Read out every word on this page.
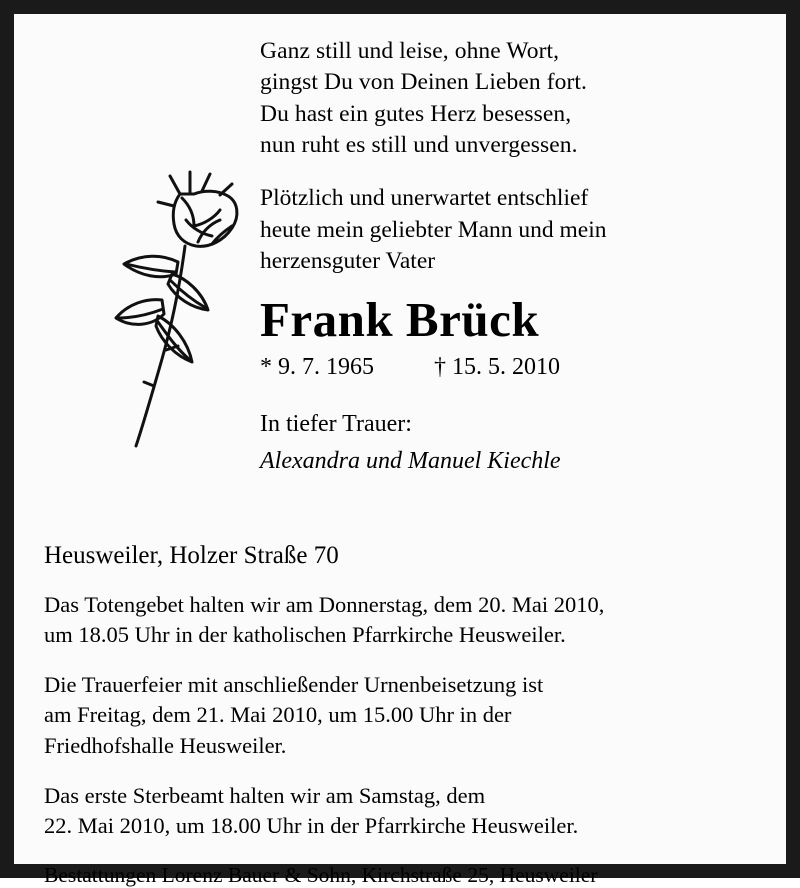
Ganz still und leise, ohne Wort,
gingst Du von Deinen Lieben fort.
Du hast ein gutes Herz besessen,
nun ruht es still und unvergessen.
Plötzlich und unerwartet entschlief
heute mein geliebter Mann und mein
herzensguter Vater
Frank Brück
* 9. 7. 1965	† 15. 5. 2010
In tiefer Trauer:
Alexandra und Manuel Kiechle
Heusweiler, Holzer Straße 70
Das Totengebet halten wir am Donnerstag, dem 20. Mai 2010,
um 18.05 Uhr in der katholischen Pfarrkirche Heusweiler.
Die Trauerfeier mit anschließender Urnenbeisetzung ist
am Freitag, dem 21. Mai 2010, um 15.00 Uhr in der
Friedhofshalle Heusweiler.
Das erste Sterbeamt halten wir am Samstag, dem
22. Mai 2010, um 18.00 Uhr in der Pfarrkirche Heusweiler.
Bestattungen Lorenz Bauer & Sohn, Kirchstraße 25, Heusweiler
